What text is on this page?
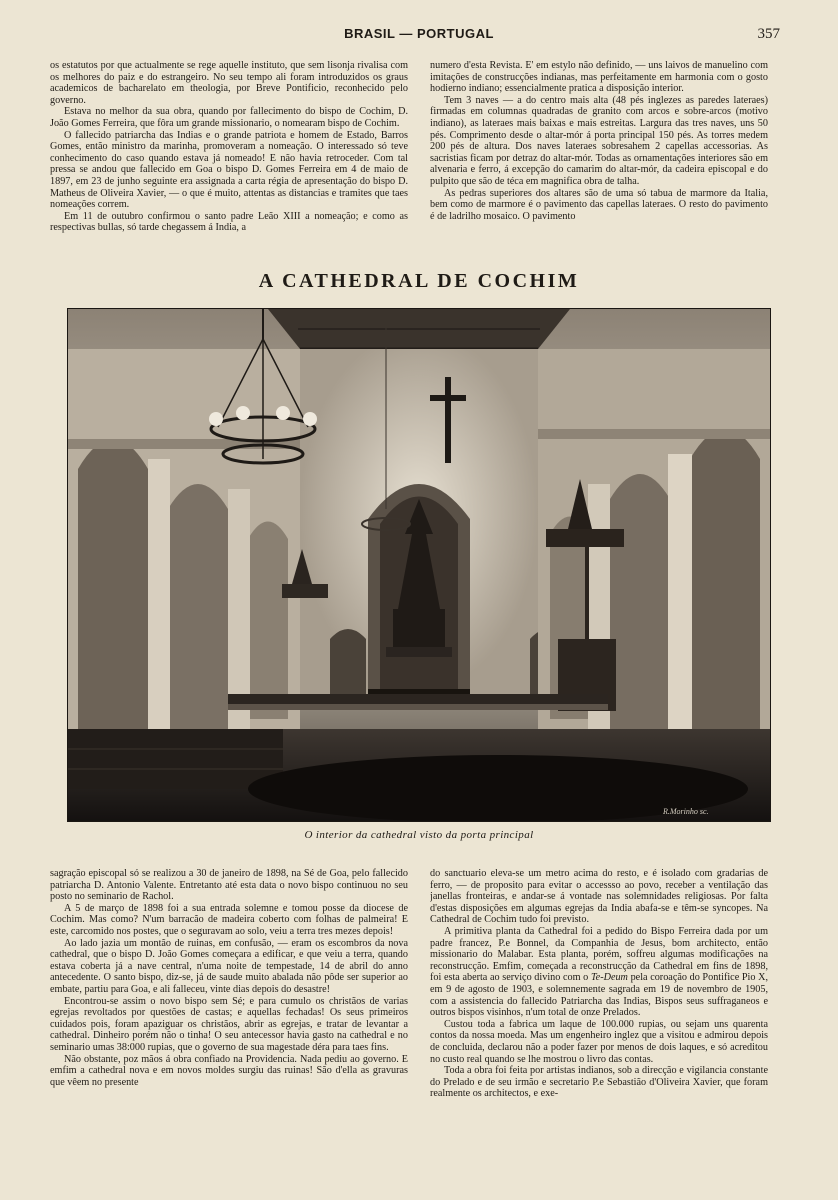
BRASIL — PORTUGAL	357

os estatutos por que actualmente se rege aquelle instituto, que sem lisonja rivalisa com os melhores do paiz e do estrangeiro. No seu tempo ali foram introduzidos os graus academicos de bacharelato em theologia, por Breve Pontificio, reconhecido pelo governo.

Estava no melhor da sua obra, quando por fallecimento do bispo de Cochim, D. João Gomes Ferreira, que fôra um grande missionario, o nomearam bispo de Cochim.

O fallecido patriarcha das Indias e o grande patriota e homem de Estado, Barros Gomes, então ministro da marinha, promoveram a nomeação. O interessado só teve conhecimento do caso quando estava já nomeado! E não havia retroceder. Com tal pressa se andou que fallecido em Goa o bispo D. Gomes Ferreira em 4 de maio de 1897, em 23 de junho seguinte era assignada a carta régia de apresentação do bispo D. Matheus de Oliveira Xavier, — o que é muito, attentas as distancias e tramites que taes nomeações correm.

Em 11 de outubro confirmou o santo padre Leão XIII a nomeação; e como as respectivas bullas, só tarde chegassem á India, a

numero d'esta Revista. E' em estylo não definido, — uns laivos de manuelino com imitações de construcções indianas, mas perfeitamente em harmonia com o gosto hodierno indiano; essencialmente pratica a disposição interior.

Tem 3 naves — a do centro mais alta (48 pés inglezes as paredes lateraes) firmadas em columnas quadradas de granito com arcos e sobre-arcos (motivo indiano), as lateraes mais baixas e mais estreitas. Largura das tres naves, uns 50 pés. Comprimento desde o altar-mór á porta principal 150 pés. As torres medem 200 pés de altura. Dos naves lateraes sobresahem 2 capellas accessorias. As sacristias ficam por detraz do altar-mór. Todas as ornamentações interiores são em alvenaria e ferro, á excepção do camarim do altar-mór, da cadeira episcopal e do pulpito que são de téca em magnifica obra de talha.

As pedras superiores dos altares são de uma só tabua de marmore da Italia, bem como de marmore é o pavimento das capellas lateraes. O resto do pavimento é de ladrilho mosaico. O pavimento

A CATHEDRAL DE COCHIM
R.Morinho sc.
O interior da cathedral visto da porta principal

sagração episcopal só se realizou a 30 de janeiro de 1898, na Sé de Goa, pelo fallecido patriarcha D. Antonio Valente. Entretanto até esta data o novo bispo continuou no seu posto no seminario de Rachol.

A 5 de março de 1898 foi a sua entrada solemne e tomou posse da diocese de Cochim. Mas como? N'um barracão de madeira coberto com folhas de palmeira! E este, carcomido nos postes, que o seguravam ao solo, veiu a terra tres mezes depois!

Ao lado jazia um montão de ruinas, em confusão, — eram os escombros da nova cathedral, que o bispo D. João Gomes começara a edificar, e que veiu a terra, quando estava coberta já a nave central, n'uma noite de tempestade, 14 de abril do anno antecedente. O santo bispo, diz-se, já de saude muito abalada não pôde ser superior ao embate, partiu para Goa, e ali falleceu, vinte dias depois do desastre!

Encontrou-se assim o novo bispo sem Sé; e para cumulo os christãos de varias egrejas revoltados por questões de castas; e aquellas fechadas! Os seus primeiros cuidados pois, foram apaziguar os christãos, abrir as egrejas, e tratar de levantar a cathedral. Dinheiro porém não o tinha! O seu antecessor havia gasto na cathedral e no seminario umas 38:000 rupias, que o governo de sua magestade déra para taes fins.

Não obstante, poz mãos á obra confiado na Providencia. Nada pediu ao governo. E emfim a cathedral nova e em novos moldes surgiu das ruinas! São d'ella as gravuras que vêem no presente

do sanctuario eleva-se um metro acima do resto, e é isolado com gradarias de ferro, — de proposito para evitar o accessso ao povo, receber a ventilação das janellas fronteiras, e andar-se á vontade nas solemnidades religiosas. Por falta d'estas disposições em algumas egrejas da India abafa-se e têm-se syncopes. Na Cathedral de Cochim tudo foi previsto.

A primitiva planta da Cathedral foi a pedido do Bispo Ferreira dada por um padre francez, P.e Bonnel, da Companhia de Jesus, bom architecto, então missionario do Malabar. Esta planta, porém, soffreu algumas modificações na reconstrucção. Emfim, começada a reconstrucção da Cathedral em fins de 1898, foi esta aberta ao serviço divino com o Te-Deum pela coroação do Pontifice Pio X, em 9 de agosto de 1903, e solemnemente sagrada em 19 de novembro de 1905, com a assistencia do fallecido Patriarcha das Indias, Bispos seus suffraganeos e outros bispos visinhos, n'um total de onze Prelados.

Custou toda a fabrica um laque de 100.000 rupias, ou sejam uns quarenta contos da nossa moeda. Mas um engenheiro inglez que a visitou e admirou depois de concluida, declarou não a poder fazer por menos de dois laques, e só acreditou no custo real quando se lhe mostrou o livro das contas.

Toda a obra foi feita por artistas indianos, sob a direcção e vigilancia constante do Prelado e de seu irmão e secretario P.e Sebastião d'Oliveira Xavier, que foram realmente os architectos, e exe-
